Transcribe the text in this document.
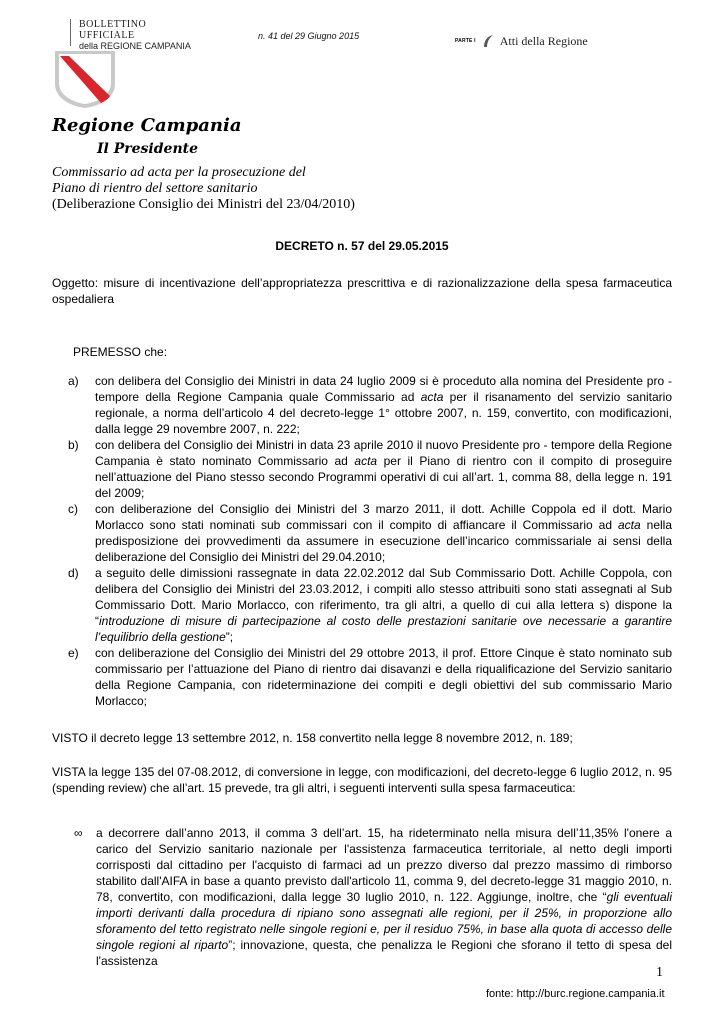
BOLLETTINO UFFICIALE
della REGIONE CAMPANIA
n. 41 del 29 Giugno 2015	PARTE I Atti della Regione
Regione Campania
Il Presidente
Commissario ad acta per la prosecuzione del
Piano di rientro del settore sanitario
(Deliberazione Consiglio dei Ministri del 23/04/2010)
DECRETO n. 57 del 29.05.2015
Oggetto: misure di incentivazione dell’appropriatezza prescrittiva e di razionalizzazione della spesa farmaceutica ospedaliera
PREMESSO che:
a)	con delibera del Consiglio dei Ministri in data 24 luglio 2009 si è proceduto alla nomina del Presidente pro - tempore della Regione Campania quale Commissario ad acta per il risanamento del servizio sanitario regionale, a norma dell’articolo 4 del decreto-legge 1° ottobre 2007, n. 159, convertito, con modificazioni, dalla legge 29 novembre 2007, n. 222;
b)	con delibera del Consiglio dei Ministri in data 23 aprile 2010 il nuovo Presidente pro - tempore della Regione Campania è stato nominato Commissario ad acta per il Piano di rientro con il compito di proseguire nell’attuazione del Piano stesso secondo Programmi operativi di cui all’art. 1, comma 88, della legge n. 191 del 2009;
c)	con deliberazione del Consiglio dei Ministri del 3 marzo 2011, il dott. Achille Coppola ed il dott. Mario Morlacco sono stati nominati sub commissari con il compito di affiancare il Commissario ad acta nella predisposizione dei provvedimenti da assumere in esecuzione dell’incarico commissariale ai sensi della deliberazione del Consiglio dei Ministri del 29.04.2010;
d)	a seguito delle dimissioni rassegnate in data 22.02.2012 dal Sub Commissario Dott. Achille Coppola, con delibera del Consiglio dei Ministri del 23.03.2012, i compiti allo stesso attribuiti sono stati assegnati al Sub Commissario Dott. Mario Morlacco, con riferimento, tra gli altri, a quello di cui alla lettera s) dispone la “introduzione di misure di partecipazione al costo delle prestazioni sanitarie ove necessarie a garantire l’equilibrio della gestione”;
e)	con deliberazione del Consiglio dei Ministri del 29 ottobre 2013, il prof. Ettore Cinque è stato nominato sub commissario per l’attuazione del Piano di rientro dai disavanzi e della riqualificazione del Servizio sanitario della Regione Campania, con rideterminazione dei compiti e degli obiettivi del sub commissario Mario Morlacco;
VISTO il decreto legge 13 settembre 2012, n. 158 convertito nella legge 8 novembre 2012, n. 189;
VISTA la legge 135 del 07-08.2012, di conversione in legge, con modificazioni, del decreto-legge 6 luglio 2012, n. 95 (spending review) che all’art. 15 prevede, tra gli altri, i seguenti interventi sulla spesa farmaceutica:
∞	a decorrere dall’anno 2013, il comma 3 dell’art. 15, ha rideterminato nella misura dell’11,35% l'onere a carico del Servizio sanitario nazionale per l'assistenza farmaceutica territoriale, al netto degli importi corrisposti dal cittadino per l'acquisto di farmaci ad un prezzo diverso dal prezzo massimo di rimborso stabilito dall'AIFA in base a quanto previsto dall'articolo 11, comma 9, del decreto-legge 31 maggio 2010, n. 78, convertito, con modificazioni, dalla legge 30 luglio 2010, n. 122. Aggiunge, inoltre, che “gli eventuali importi derivanti dalla procedura di ripiano sono assegnati alle regioni, per il 25%, in proporzione allo sforamento del tetto registrato nelle singole regioni e, per il residuo 75%, in base alla quota di accesso delle singole regioni al riparto”; innovazione, questa, che penalizza le Regioni che sforano il tetto di spesa del l'assistenza
1
fonte: http://burc.regione.campania.it
